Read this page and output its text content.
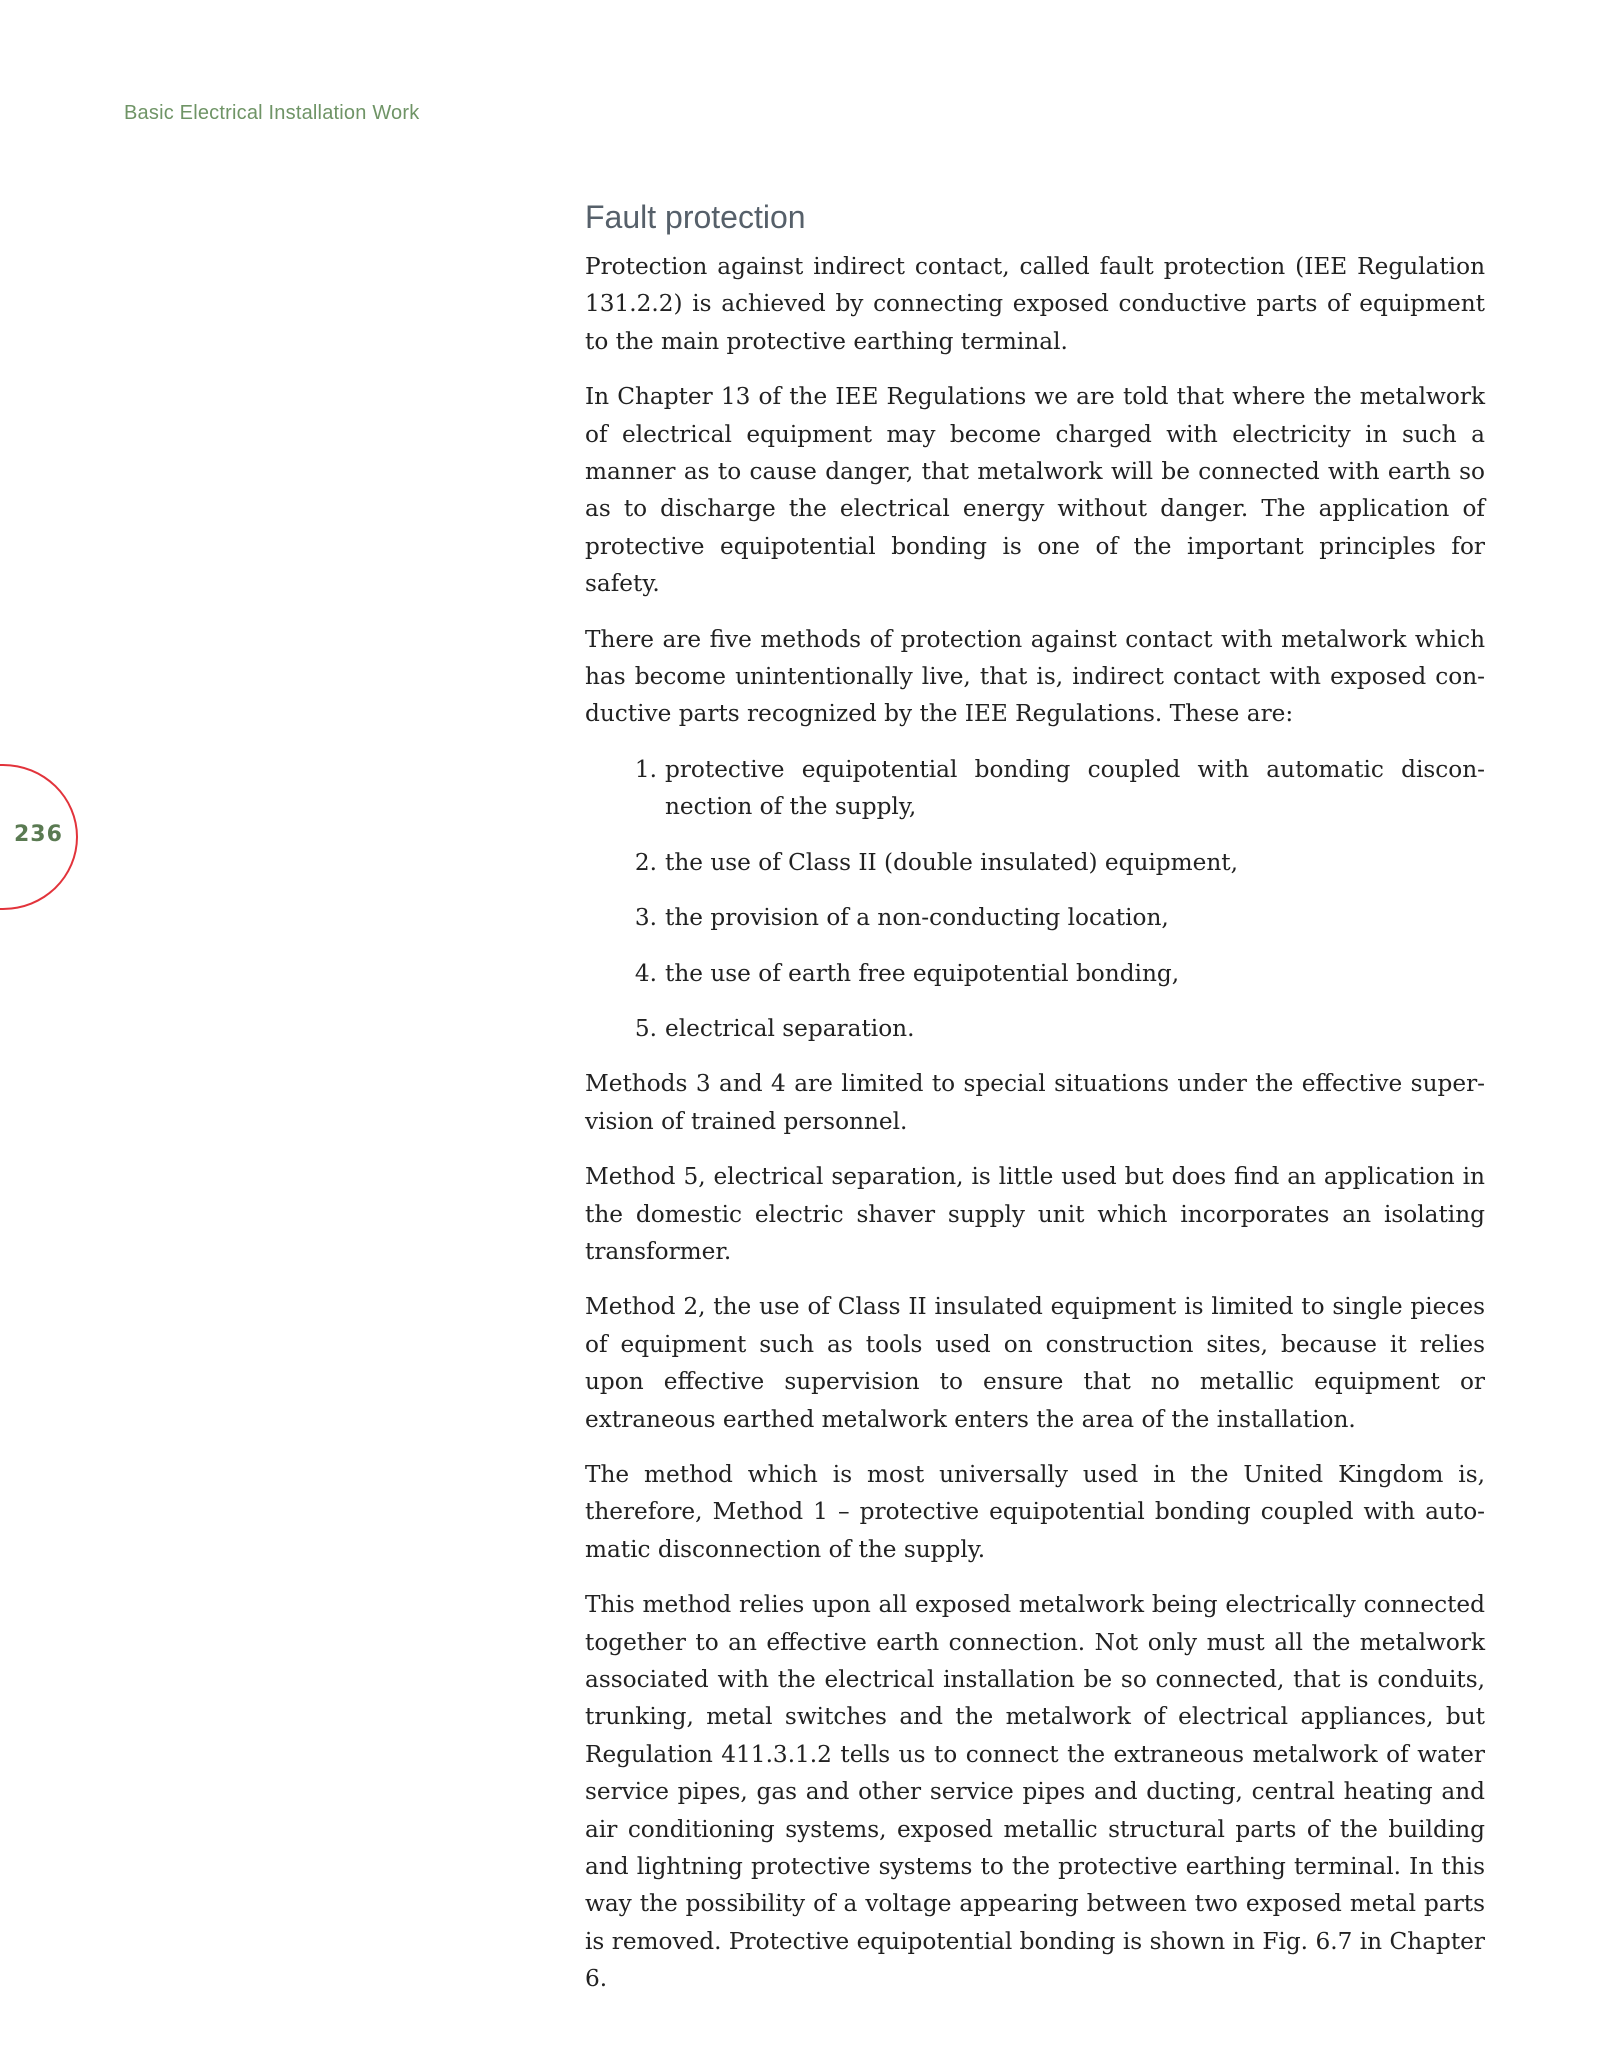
Basic Electrical Installation Work
236
Fault protection

Protection against indirect contact, called fault protection (IEE Regulation 131.2.2) is achieved by connecting exposed conductive parts of equipment to the main protective earthing terminal.

In Chapter 13 of the IEE Regulations we are told that where the metalwork of electrical equipment may become charged with electricity in such a manner as to cause danger, that metalwork will be connected with earth so as to discharge the electrical energy without danger. The application of protective equipotential bonding is one of the important principles for safety.

There are five methods of protection against contact with metalwork which has become unintentionally live, that is, indirect contact with exposed conductive parts recognized by the IEE Regulations. These are:

1. protective equipotential bonding coupled with automatic disconnection of the supply,
2. the use of Class II (double insulated) equipment,
3. the provision of a non-conducting location,
4. the use of earth free equipotential bonding,
5. electrical separation.

Methods 3 and 4 are limited to special situations under the effective supervision of trained personnel.

Method 5, electrical separation, is little used but does find an application in the domestic electric shaver supply unit which incorporates an isolating transformer.

Method 2, the use of Class II insulated equipment is limited to single pieces of equipment such as tools used on construction sites, because it relies upon effective supervision to ensure that no metallic equipment or extraneous earthed metalwork enters the area of the installation.

The method which is most universally used in the United Kingdom is, therefore, Method 1 – protective equipotential bonding coupled with automatic disconnection of the supply.

This method relies upon all exposed metalwork being electrically connected together to an effective earth connection. Not only must all the metalwork associated with the electrical installation be so connected, that is conduits, trunking, metal switches and the metalwork of electrical appliances, but Regulation 411.3.1.2 tells us to connect the extraneous metalwork of water service pipes, gas and other service pipes and ducting, central heating and air conditioning systems, exposed metallic structural parts of the building and lightning protective systems to the protective earthing terminal. In this way the possibility of a voltage appearing between two exposed metal parts is removed. Protective equipotential bonding is shown in Fig. 6.7 in Chapter 6.
